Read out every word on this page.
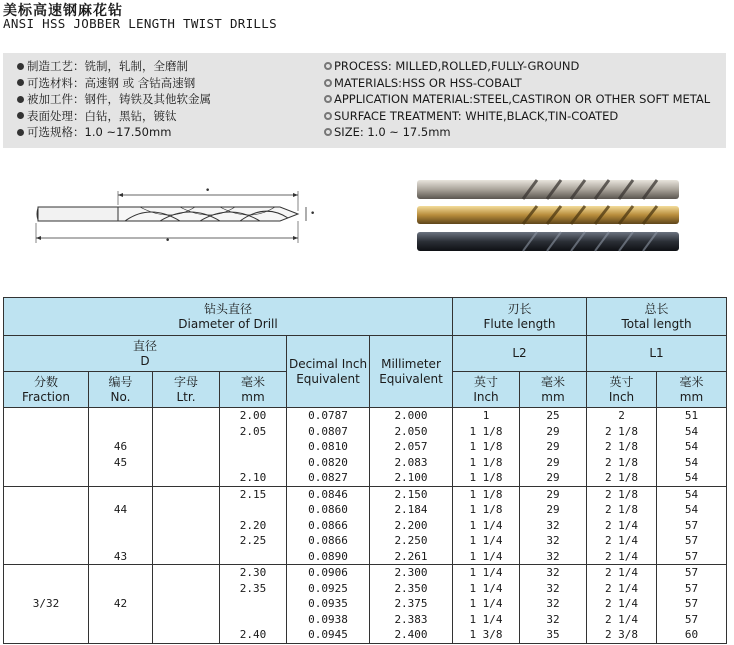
美标高速钢麻花钻
ANSI HSS JOBBER LENGTH TWIST DRILLS
制造工艺：铣制，轧制，全磨制
可选材料：高速钢 或 含钴高速钢
被加工件：钢件，铸铁及其他软金属
表面处理：白钻，黑钻，镀钛
可选规格：1.0 ~17.50mm
PROCESS: MILLED,ROLLED,FULLY-GROUND
MATERIALS:HSS OR HSS-COBALT
APPLICATION MATERIAL:STEEL,CASTIRON OR OTHER SOFT METAL
SURFACE TREATMENT: WHITE,BLACK,TIN-COATED
SIZE: 1.0 ~ 17.5mm
•
•
•
钻头直径
Diameter of Drill						刃长
Flute length		总长
Total length	
直径
D				Decimal Inch Equivalent	Millimeter Equivalent	L2		L1	
分数
Fraction	编号
No.	字母
Ltr.	毫米
mm			英寸
Inch	毫米
mm	英寸
Inch	毫米
mm
			2.00	0.0787	2.000	1	25	2	51
			2.05	0.0807	2.050	1 1/8	29	2 1/8	54
	46			0.0810	2.057	1 1/8	29	2 1/8	54
	45			0.0820	2.083	1 1/8	29	2 1/8	54
			2.10	0.0827	2.100	1 1/8	29	2 1/8	54
			2.15	0.0846	2.150	1 1/8	29	2 1/8	54
	44			0.0860	2.184	1 1/8	29	2 1/8	54
			2.20	0.0866	2.200	1 1/4	32	2 1/4	57
			2.25	0.0866	2.250	1 1/4	32	2 1/4	57
	43			0.0890	2.261	1 1/4	32	2 1/4	57
			2.30	0.0906	2.300	1 1/4	32	2 1/4	57
			2.35	0.0925	2.350	1 1/4	32	2 1/4	57
3/32	42			0.0935	2.375	1 1/4	32	2 1/4	57
				0.0938	2.383	1 1/4	32	2 1/4	57
			2.40	0.0945	2.400	1 3/8	35	2 3/8	60
